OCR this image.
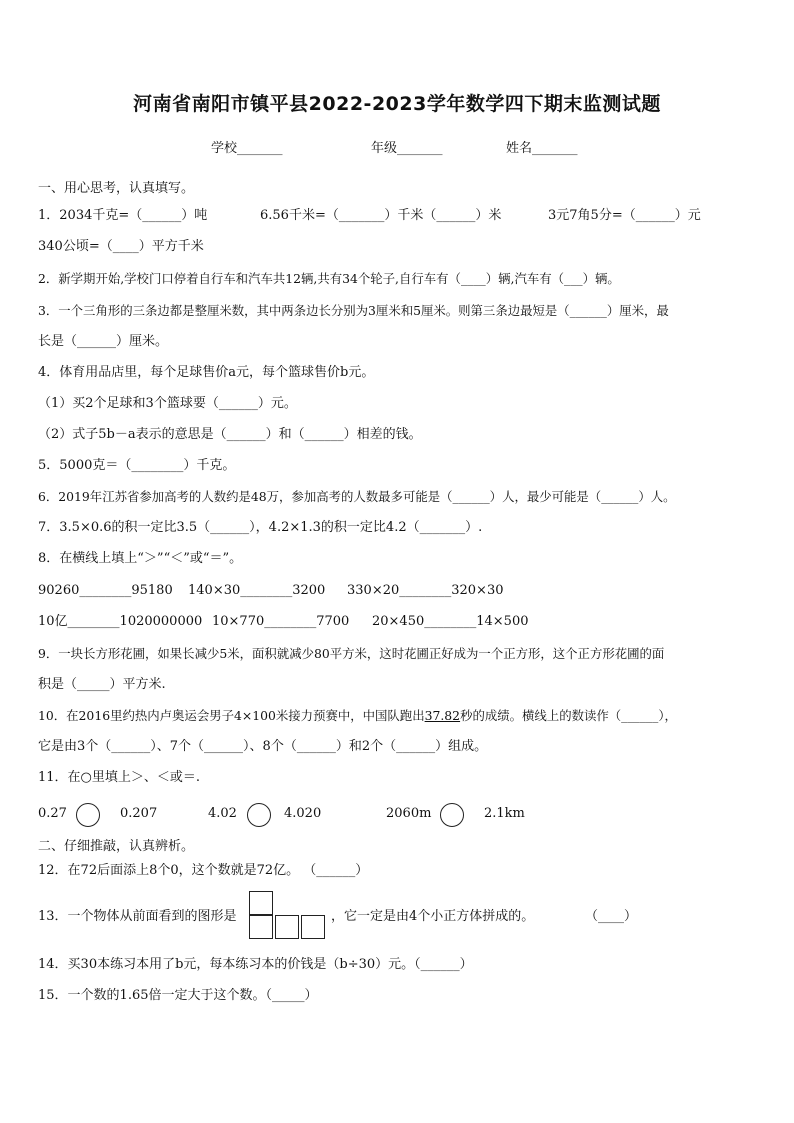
河南省南阳市镇平县2022-2023学年数学四下期末监测试题
学校_______	年级_______	姓名_______
一、用心思考，认真填写。
1．2034千克=（______）吨	6.56千米=（_______）千米（______）米	3元7角5分=（______）元
340公顷=（____）平方千米
2．新学期开始,学校门口停着自行车和汽车共12辆,共有34个轮子,自行车有（____）辆,汽车有（___）辆。
3．一个三角形的三条边都是整厘米数，其中两条边长分别为3厘米和5厘米。则第三条边最短是（______）厘米，最
长是（______）厘米。
4．体育用品店里，每个足球售价a元，每个篮球售价b元。
（1）买2个足球和3个篮球要（______）元。
（2）式子5b－a表示的意思是（______）和（______）相差的钱。
5．5000克＝（________）千克。
6．2019年江苏省参加高考的人数约是48万，参加高考的人数最多可能是（______）人，最少可能是（______）人。
7．3.5×0.6的积一定比3.5（______），4.2×1.3的积一定比4.2（_______）.
8．在横线上填上“＞”“＜”或“＝”。
90260________95180 140×30________3200 330×20________320×30
10亿________1020000000 10×770________7700 20×450________14×500
9．一块长方形花圃，如果长减少5米，面积就减少80平方米，这时花圃正好成为一个正方形，这个正方形花圃的面
积是（_____）平方米.
10．在2016里约热内卢奥运会男子4×100米接力预赛中，中国队跑出37.82秒的成绩。横线上的数读作（______），
它是由3个（______）、7个（______）、8个（______）和2个（______）组成。
11．在○里填上＞、＜或＝.
0.27	0.207	4.02	4.020	2060m	2.1km
二、仔细推敲，认真辨析。
12．在72后面添上8个0，这个数就是72亿。 （______）
13．一个物体从前面看到的图形是	，它一定是由4个小正方体拼成的。	（____）
14．买30本练习本用了b元，每本练习本的价钱是（b÷30）元。（______）
15．一个数的1.65倍一定大于这个数。（_____）
